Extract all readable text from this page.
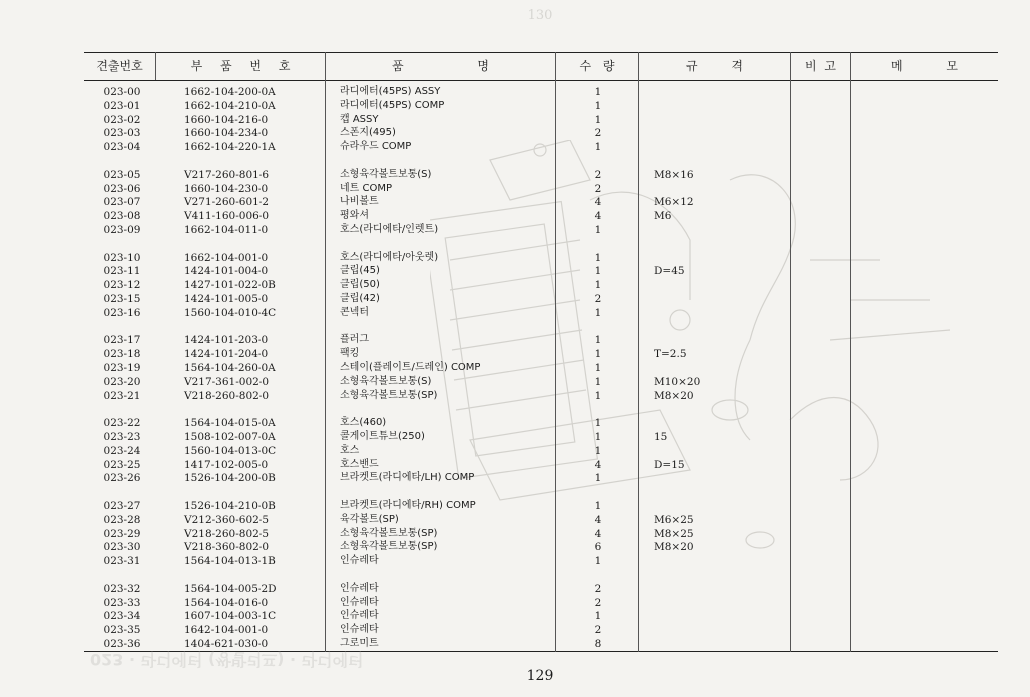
130
견출번호	부 품 번 호	품 명	수 량	규 격	비 고	메 모
023-00	1662-104-200-0A	라디에터(45PS) ASSY	1
023-01	1662-104-210-0A	라디에터(45PS) COMP	1
023-02	1660-104-216-0	캡 ASSY	1
023-03	1660-104-234-0	스폰지(495)	2
023-04	1662-104-220-1A	슈라우드 COMP	1
023-05	V217-260-801-6	소형육각볼트보통(S)	2	M8×16
023-06	1660-104-230-0	네트 COMP	2
023-07	V271-260-601-2	나비볼트	4	M6×12
023-08	V411-160-006-0	평와셔	4	M6
023-09	1662-104-011-0	호스(라디에타/인렛트)	1
023-10	1662-104-001-0	호스(라디에타/아웃렛)	1
023-11	1424-101-004-0	클립(45)	1	D=45
023-12	1427-101-022-0B	클립(50)	1
023-15	1424-101-005-0	클립(42)	2
023-16	1560-104-010-4C	콘넥터	1
023-17	1424-101-203-0	플러그	1
023-18	1424-101-204-0	팩킹	1	T=2.5
023-19	1564-104-260-0A	스테이(플레이트/드레인) COMP	1
023-20	V217-361-002-0	소형육각볼트보통(S)	1	M10×20
023-21	V218-260-802-0	소형육각볼트보통(SP)	1	M8×20
023-22	1564-104-015-0A	호스(460)	1
023-23	1508-102-007-0A	콜게이트튜브(250)	1	15
023-24	1560-104-013-0C	호스	1
023-25	1417-102-005-0	호스밴드	4	D=15
023-26	1526-104-200-0B	브라켓트(라디에타/LH) COMP	1
023-27	1526-104-210-0B	브라켓트(라디에타/RH) COMP	1
023-28	V212-360-602-5	육각볼트(SP)	4	M6×25
023-29	V218-260-802-5	소형육각볼트보통(SP)	4	M8×25
023-30	V218-360-802-0	소형육각볼트보통(SP)	6	M8×20
023-31	1564-104-013-1B	인슈레타	1
023-32	1564-104-005-2D	인슈레타	2
023-33	1564-104-016-0	인슈레타	2
023-34	1607-104-003-1C	인슈레타	1
023-35	1642-104-001-0	인슈레타	2
023-36	1404-621-030-0	그로미트	8
023 · 라디에터 (쌍발리프) · 라디에터
129
